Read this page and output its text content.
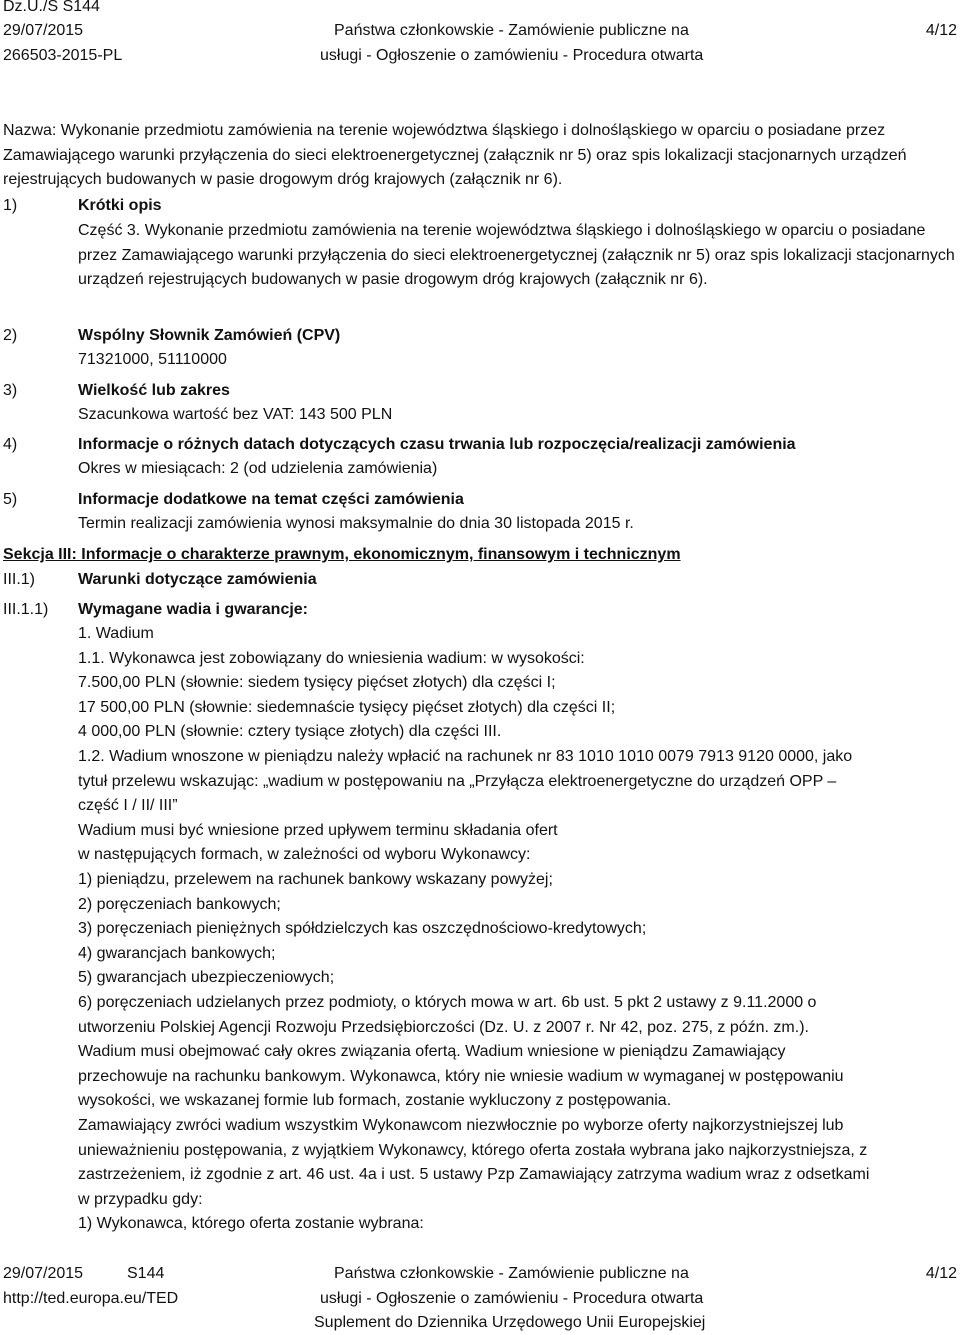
Dz.U./S S144
29/07/2015
266503-2015-PL
Państwa członkowskie - Zamówienie publiczne na
usługi - Ogłoszenie o zamówieniu - Procedura otwarta
4/12

Nazwa: Wykonanie przedmiotu zamówienia na terenie województwa śląskiego i dolnośląskiego w oparciu o posiadane przez Zamawiającego warunki przyłączenia do sieci elektroenergetycznej (załącznik nr 5) oraz spis lokalizacji stacjonarnych urządzeń rejestrujących budowanych w pasie drogowym dróg krajowych (załącznik nr 6).

1)	Krótki opis

Część 3. Wykonanie przedmiotu zamówienia na terenie województwa śląskiego i dolnośląskiego w oparciu o posiadane przez Zamawiającego warunki przyłączenia do sieci elektroenergetycznej (załącznik nr 5) oraz spis lokalizacji stacjonarnych urządzeń rejestrujących budowanych w pasie drogowym dróg krajowych (załącznik nr 6).

2)	Wspólny Słownik Zamówień (CPV)
71321000, 51110000
3)	Wielkość lub zakres
Szacunkowa wartość bez VAT: 143 500 PLN
4)	Informacje o różnych datach dotyczących czasu trwania lub rozpoczęcia/realizacji zamówienia
Okres w miesiącach: 2 (od udzielenia zamówienia)
5)	Informacje dodatkowe na temat części zamówienia
Termin realizacji zamówienia wynosi maksymalnie do dnia 30 listopada 2015 r.
Sekcja III: Informacje o charakterze prawnym, ekonomicznym, finansowym i technicznym
III.1)	Warunki dotyczące zamówienia
III.1.1) Wymagane wadia i gwarancje:
1. Wadium
1.1. Wykonawca jest zobowiązany do wniesienia wadium: w wysokości:
7.500,00 PLN (słownie: siedem tysięcy pięćset złotych) dla części I;
17 500,00 PLN (słownie: siedemnaście tysięcy pięćset złotych) dla części II;
4 000,00 PLN (słownie: cztery tysiące złotych) dla części III.
1.2. Wadium wnoszone w pieniądzu należy wpłacić na rachunek nr 83 1010 1010 0079 7913 9120 0000, jako
tytuł przelewu wskazując: „wadium w postępowaniu na „Przyłącza elektroenergetyczne do urządzeń OPP –
część I / II/ III”
Wadium musi być wniesione przed upływem terminu składania ofert
w następujących formach, w zależności od wyboru Wykonawcy:
1) pieniądzu, przelewem na rachunek bankowy wskazany powyżej;
2) poręczeniach bankowych;
3) poręczeniach pieniężnych spółdzielczych kas oszczędnościowo-kredytowych;
4) gwarancjach bankowych;
5) gwarancjach ubezpieczeniowych;
6) poręczeniach udzielanych przez podmioty, o których mowa w art. 6b ust. 5 pkt 2 ustawy z 9.11.2000 o
utworzeniu Polskiej Agencji Rozwoju Przedsiębiorczości (Dz. U. z 2007 r. Nr 42, poz. 275, z późn. zm.).
Wadium musi obejmować cały okres związania ofertą. Wadium wniesione w pieniądzu Zamawiający
przechowuje na rachunku bankowym. Wykonawca, który nie wniesie wadium w wymaganej w postępowaniu
wysokości, we wskazanej formie lub formach, zostanie wykluczony z postępowania.
Zamawiający zwróci wadium wszystkim Wykonawcom niezwłocznie po wyborze oferty najkorzystniejszej lub
unieważnieniu postępowania, z wyjątkiem Wykonawcy, którego oferta została wybrana jako najkorzystniejsza, z
zastrzeżeniem, iż zgodnie z art. 46 ust. 4a i ust. 5 ustawy Pzp Zamawiający zatrzyma wadium wraz z odsetkami
w przypadku gdy:
1) Wykonawca, którego oferta zostanie wybrana:
29/07/2015	S144
http://ted.europa.eu/TED
Państwa członkowskie - Zamówienie publiczne na
usługi - Ogłoszenie o zamówieniu - Procedura otwarta
Suplement do Dziennika Urzędowego Unii Europejskiej
4/12
